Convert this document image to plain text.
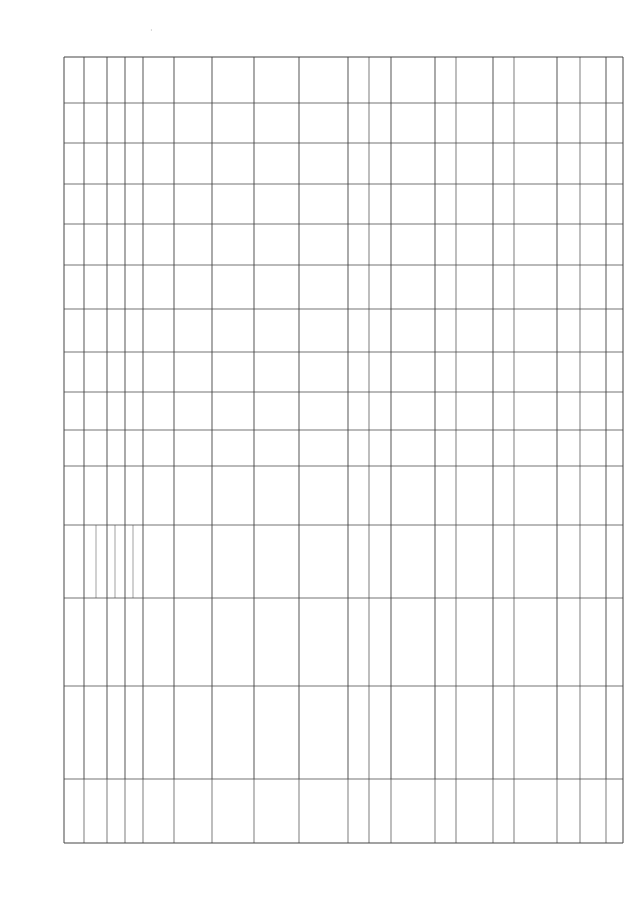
·
